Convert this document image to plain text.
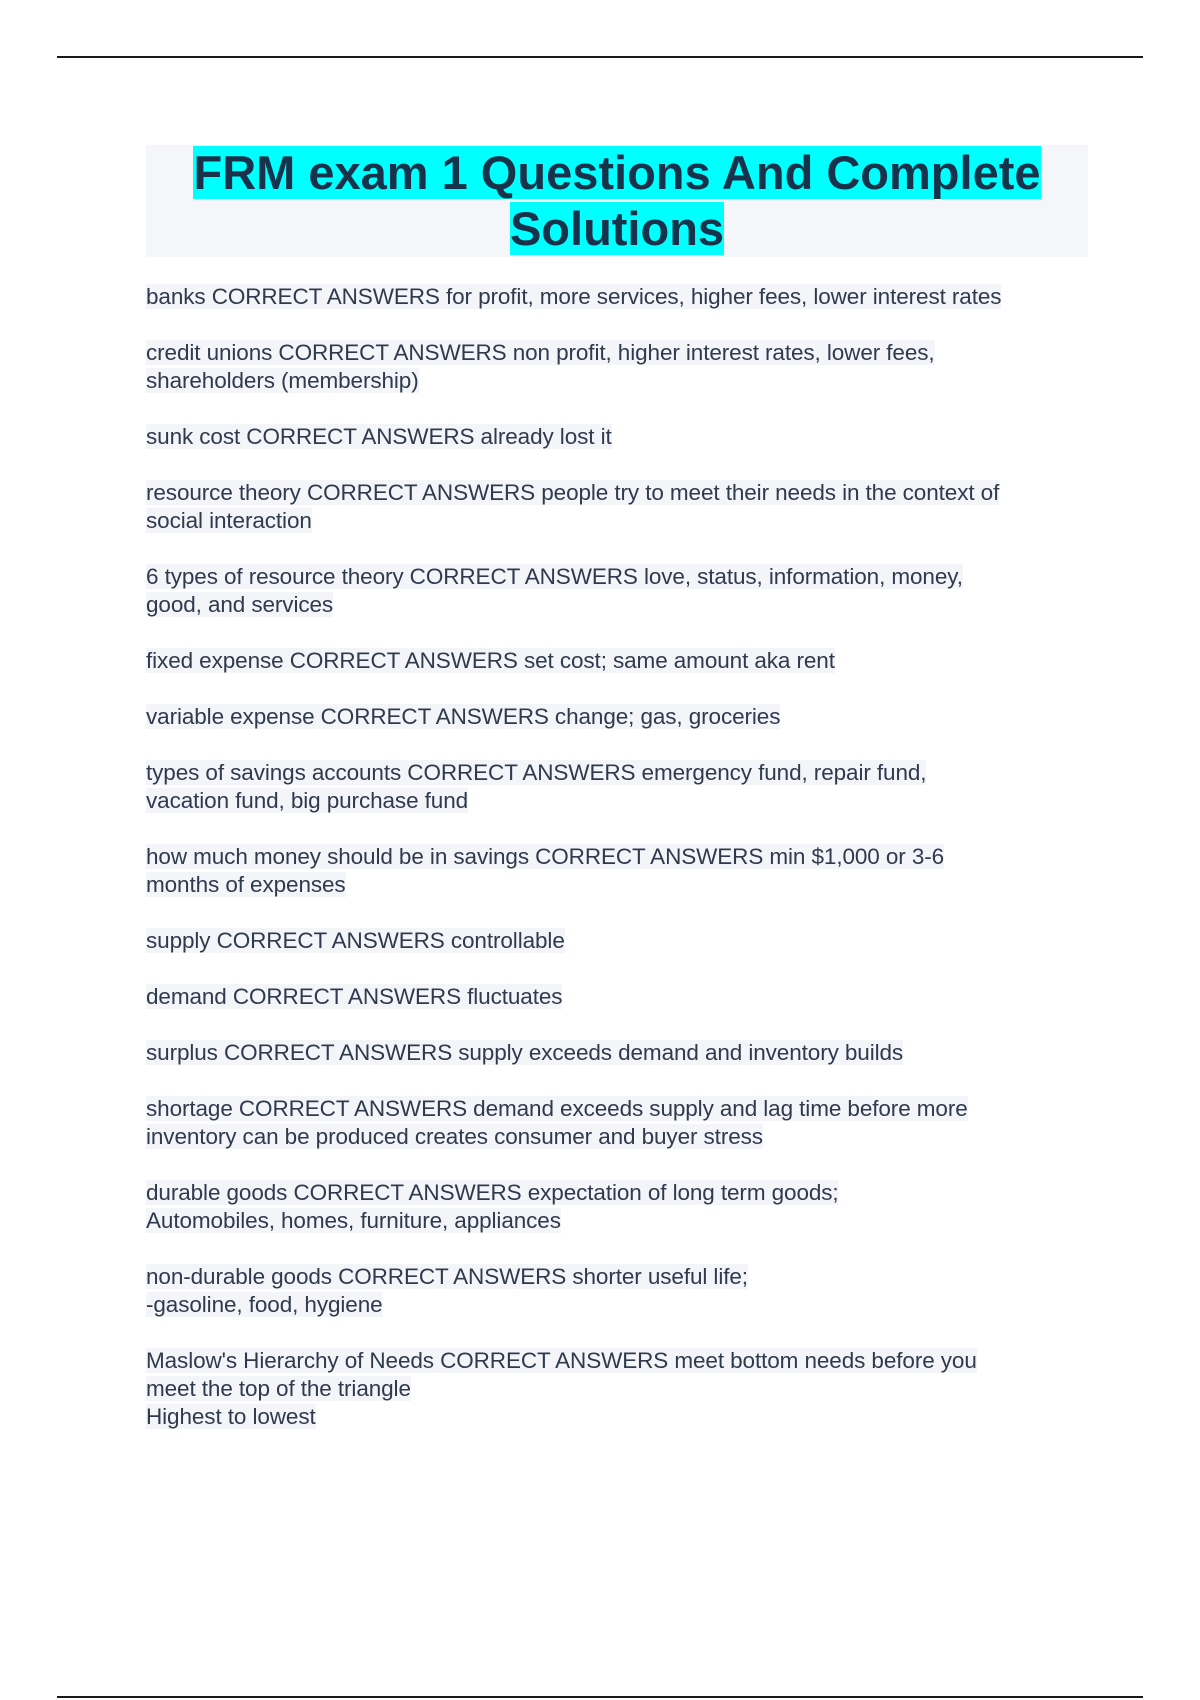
FRM exam 1 Questions And Complete Solutions
banks CORRECT ANSWERS for profit, more services, higher fees, lower interest rates
credit unions CORRECT ANSWERS non profit, higher interest rates, lower fees,
shareholders (membership)
sunk cost CORRECT ANSWERS already lost it
resource theory CORRECT ANSWERS people try to meet their needs in the context of
social interaction
6 types of resource theory CORRECT ANSWERS love, status, information, money,
good, and services
fixed expense CORRECT ANSWERS set cost; same amount aka rent
variable expense CORRECT ANSWERS change; gas, groceries
types of savings accounts CORRECT ANSWERS emergency fund, repair fund,
vacation fund, big purchase fund
how much money should be in savings CORRECT ANSWERS min $1,000 or 3-6
months of expenses
supply CORRECT ANSWERS controllable
demand CORRECT ANSWERS fluctuates
surplus CORRECT ANSWERS supply exceeds demand and inventory builds
shortage CORRECT ANSWERS demand exceeds supply and lag time before more
inventory can be produced creates consumer and buyer stress
durable goods CORRECT ANSWERS expectation of long term goods;
Automobiles, homes, furniture, appliances
non-durable goods CORRECT ANSWERS shorter useful life;
-gasoline, food, hygiene
Maslow's Hierarchy of Needs CORRECT ANSWERS meet bottom needs before you
meet the top of the triangle
Highest to lowest
